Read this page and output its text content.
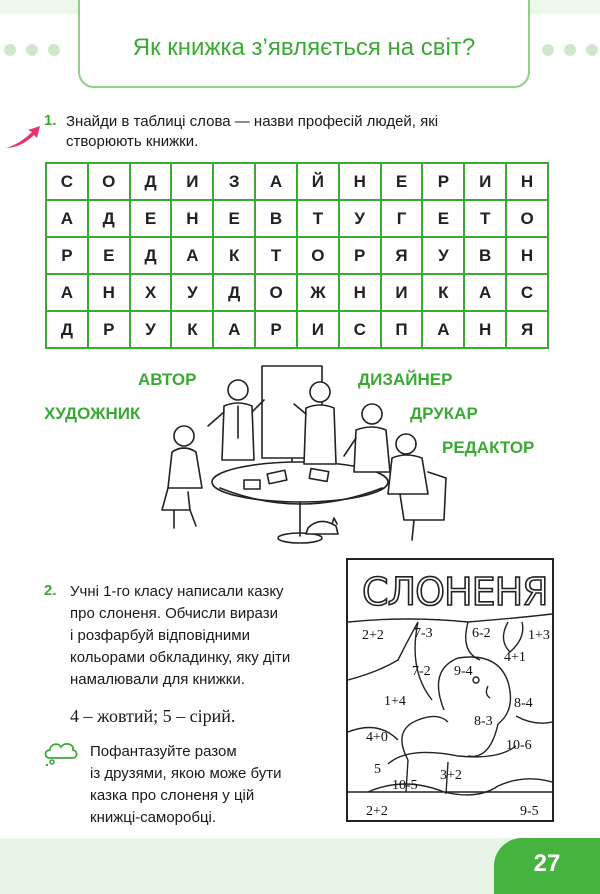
Як книжка з’являється на світ?
1. Знайди в таблиці слова — назви професій людей, які
створюють книжки.
С	О	Д	И	З	А	Й	Н	Е	Р	И	Н
А	Д	Е	Н	Е	В	Т	У	Г	Е	Т	О
Р	Е	Д	А	К	Т	О	Р	Я	У	В	Н
А	Н	Х	У	Д	О	Ж	Н	И	К	А	С
Д	Р	У	К	А	Р	И	С	П	А	Н	Я
АВТОР
ХУДОЖНИК
ДИЗАЙНЕР
ДРУКАР
РЕДАКТОР
2. Учні 1-го класу написали казку
про слоненя. Обчисли вирази
і розфарбуй відповідними
кольорами обкладинку, яку діти
намалювали для книжки.
4 – жовтий; 5 – сірий.
Пофантазуйте разом
із друзями, якою може бути
казка про слоненя у цій
книжці-саморобці.
СЛОНЕНЯ
2+2 7-3	6-2	1+3
4+1
7-2 9-4
1+4	8-4
8-3
4+0
10-6
5	3+2
10-5
2+2	9-5
27
